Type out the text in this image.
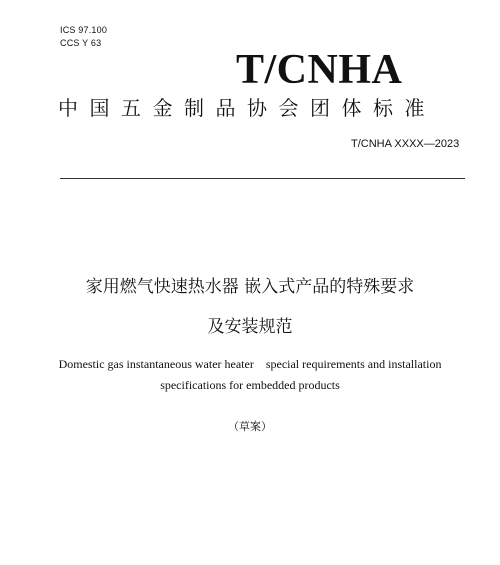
ICS 97.100
CCS Y 63
T/CNHA
中国五金制品协会团体标准
T/CNHA XXXX—2023
家用燃气快速热水器 嵌入式产品的特殊要求
及安装规范
Domestic gas instantaneous water heater    special requirements and installation
specifications for embedded products
（草案）
